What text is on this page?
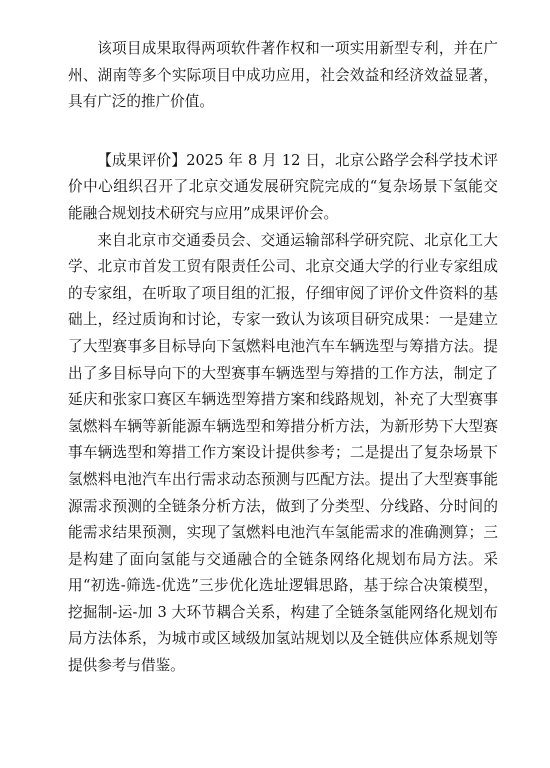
该项目成果取得两项软件著作权和一项实用新型专利，并在广州、湖南等多个实际项目中成功应用，社会效益和经济效益显著，具有广泛的推广价值。

【成果评价】2025 年 8 月 12 日，北京公路学会科学技术评价中心组织召开了北京交通发展研究院完成的“复杂场景下氢能交能融合规划技术研究与应用”成果评价会。

来自北京市交通委员会、交通运输部科学研究院、北京化工大学、北京市首发工贸有限责任公司、北京交通大学的行业专家组成的专家组，在听取了项目组的汇报，仔细审阅了评价文件资料的基础上，经过质询和讨论，专家一致认为该项目研究成果：一是建立了大型赛事多目标导向下氢燃料电池汽车车辆选型与筹措方法。提出了多目标导向下的大型赛事车辆选型与筹措的工作方法，制定了延庆和张家口赛区车辆选型筹措方案和线路规划，补充了大型赛事氢燃料车辆等新能源车辆选型和筹措分析方法，为新形势下大型赛事车辆选型和筹措工作方案设计提供参考；二是提出了复杂场景下氢燃料电池汽车出行需求动态预测与匹配方法。提出了大型赛事能源需求预测的全链条分析方法，做到了分类型、分线路、分时间的能需求结果预测，实现了氢燃料电池汽车氢能需求的准确测算；三是构建了面向氢能与交通融合的全链条网络化规划布局方法。采用“初选-筛选-优选”三步优化选址逻辑思路，基于综合决策模型，挖掘制-运-加 3 大环节耦合关系，构建了全链条氢能网络化规划布局方法体系，为城市或区域级加氢站规划以及全链供应体系规划等提供参考与借鉴。
